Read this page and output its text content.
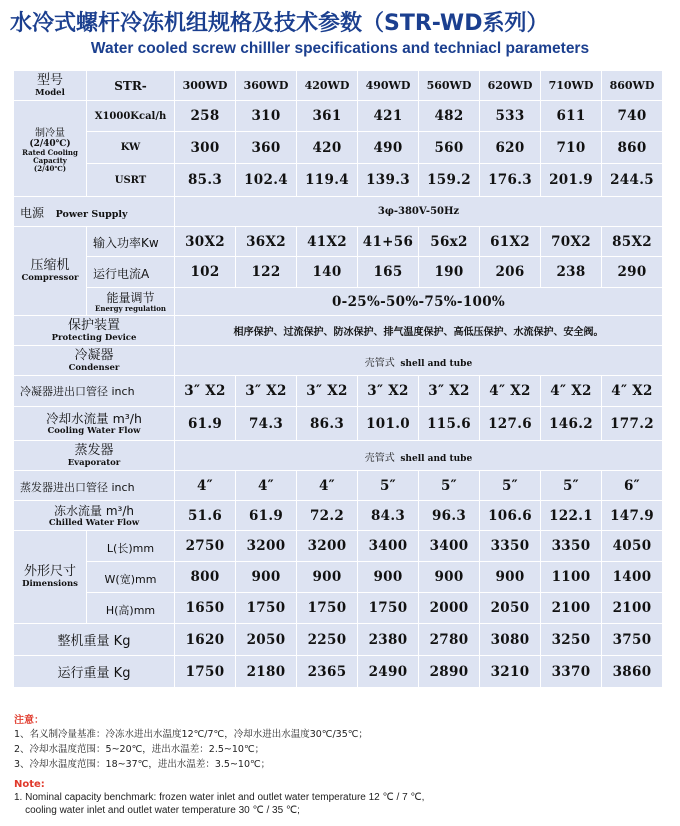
水冷式螺杆冷冻机组规格及技术参数（STR-WD系列）
Water cooled screw chilller specifications and techniacl parameters
型号
Model	STR-	300WD	360WD	420WD	490WD	560WD	620WD	710WD	860WD

制冷量
(2/40℃)
Rated Cooling Capacity
(2/40℃)	X1000Kcal/h	258	310	361	421	482	533	611	740
	KW	300	360	420	490	560	620	710	860
	USRT	85.3	102.4	119.4	139.3	159.2	176.3	201.9	244.5
电源 Power Supply		3φ-380V-50Hz							

压缩机
Compressor	输入功率Kw	30X2	36X2	41X2	41+56	56x2	61X2	70X2	85X2
	运行电流A	102	122	140	165	190	206	238	290

	能量调节
Energy regulation	0-25%-50%-75%-100%							

保护装置
Protecting Device		相序保护、过流保护、防冰保护、排气温度保护、高低压保护、水流保护、安全阀。							

冷凝器
Condenser		壳管式 shell and tube							
冷凝器进出口管径 inch		3″ X2	3″ X2	3″ X2	3″ X2	3″ X2	4″ X2	4″ X2	4″ X2

冷却水流量 m³/h
Cooling Water Flow		61.9	74.3	86.3	101.0	115.6	127.6	146.2	177.2

蒸发器
Evaporator		壳管式 shell and tube							
蒸发器进出口管径 inch		4″	4″	4″	5″	5″	5″	5″	6″

冻水流量 m³/h
Chilled Water Flow		51.6	61.9	72.2	84.3	96.3	106.6	122.1	147.9

外形尺寸
Dimensions	L(长)mm	2750	3200	3200	3400	3400	3350	3350	4050
	W(宽)mm	800	900	900	900	900	900	1100	1400
	H(高)mm	1650	1750	1750	1750	2000	2050	2100	2100
整机重量 Kg		1620	2050	2250	2380	2780	3080	3250	3750
运行重量 Kg		1750	2180	2365	2490	2890	3210	3370	3860
注意：
1、名义制冷量基准：冷冻水进出水温度12℃/7℃，冷却水进出水温度30℃/35℃；
2、冷却水温度范围：5~20℃，进出水温差：2.5~10℃；
3、冷却水温度范围：18~37℃，进出水温差：3.5~10℃；
Note:
1. Nominal capacity benchmark: frozen water inlet and outlet water temperature 12 ℃ / 7 ℃,
cooling water inlet and outlet water temperature 30 ℃ / 35 ℃;
